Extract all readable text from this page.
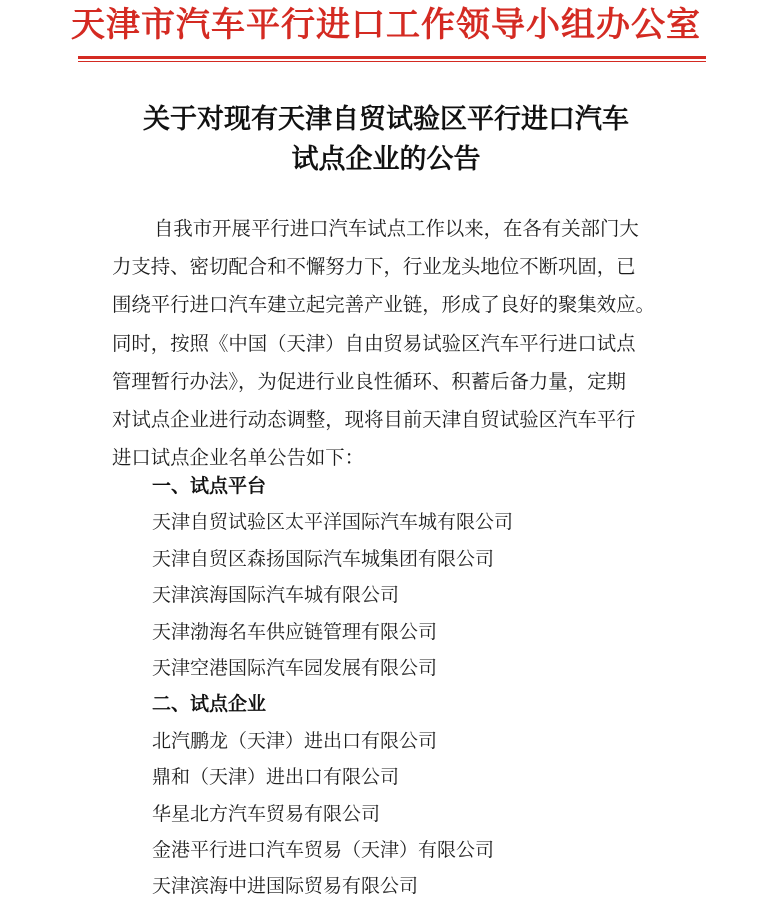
天津市汽车平行进口工作领导小组办公室
关于对现有天津自贸试验区平行进口汽车
试点企业的公告
自我市开展平行进口汽车试点工作以来，在各有关部门大
力支持、密切配合和不懈努力下，行业龙头地位不断巩固，已
围绕平行进口汽车建立起完善产业链，形成了良好的聚集效应。
同时，按照《中国（天津）自由贸易试验区汽车平行进口试点
管理暂行办法》，为促进行业良性循环、积蓄后备力量，定期
对试点企业进行动态调整，现将目前天津自贸试验区汽车平行
进口试点企业名单公告如下：
一、试点平台
天津自贸试验区太平洋国际汽车城有限公司
天津自贸区森扬国际汽车城集团有限公司
天津滨海国际汽车城有限公司
天津渤海名车供应链管理有限公司
天津空港国际汽车园发展有限公司
二、试点企业
北汽鹏龙（天津）进出口有限公司
鼎和（天津）进出口有限公司
华星北方汽车贸易有限公司
金港平行进口汽车贸易（天津）有限公司
天津滨海中进国际贸易有限公司
